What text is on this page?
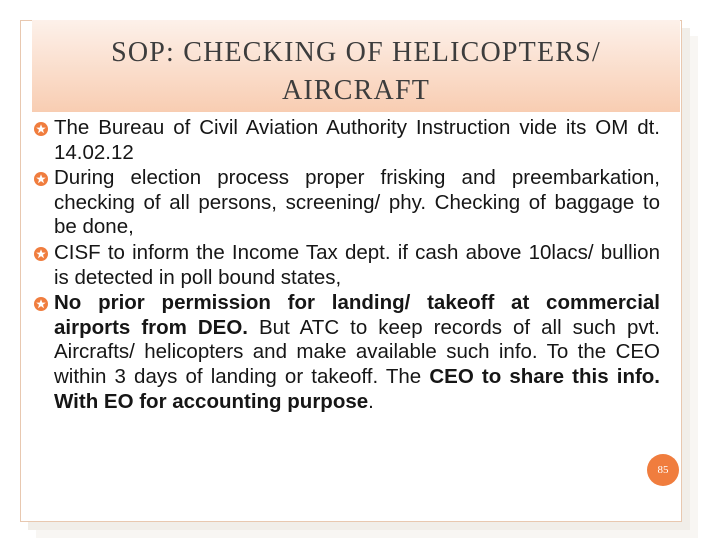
SOP: CHECKING OF HELICOPTERS/
AIRCRAFT
The Bureau of Civil Aviation Authority Instruction vide its OM dt. 14.02.12
During election process proper frisking and preembarkation, checking of all persons, screening/ phy. Checking of baggage to be done,
CISF to inform the Income Tax dept. if cash above 10lacs/ bullion is detected in poll bound states,
No prior permission for landing/ takeoff at commercial airports from DEO. But ATC to keep records of all such pvt. Aircrafts/ helicopters and make available such info. To the CEO within 3 days of landing or takeoff. The CEO to share this info. With EO for accounting purpose.
85
